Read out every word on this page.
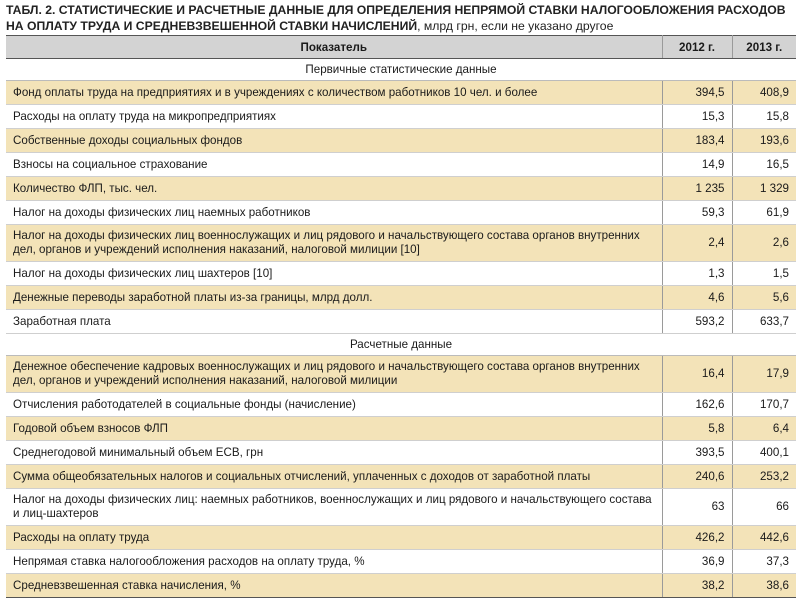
ТАБЛ. 2. СТАТИСТИЧЕСКИЕ И РАСЧЕТНЫЕ ДАННЫЕ ДЛЯ ОПРЕДЕЛЕНИЯ НЕПРЯМОЙ СТАВКИ НАЛОГООБЛОЖЕНИЯ РАСХОДОВ НА ОПЛАТУ ТРУДА И СРЕДНЕВЗВЕШЕННОЙ СТАВКИ НАЧИСЛЕНИЙ, млрд грн, если не указано другое
Показатель	2012 г.	2013 г.
Первичные статистические данные		
Фонд оплаты труда на предприятиях и в учреждениях с количеством работников 10 чел. и более	394,5	408,9
Расходы на оплату труда на микропредприятиях	15,3	15,8
Собственные доходы социальных фондов	183,4	193,6
Взносы на социальное страхование	14,9	16,5
Количество ФЛП, тыс. чел.	1 235	1 329
Налог на доходы физических лиц наемных работников	59,3	61,9
Налог на доходы физических лиц военнослужащих и лиц рядового и начальствующего состава органов внутренних дел, органов и учреждений исполнения наказаний, налоговой милиции [10]	2,4	2,6
Налог на доходы физических лиц шахтеров [10]	1,3	1,5
Денежные переводы заработной платы из-за границы, млрд долл.	4,6	5,6
Заработная плата	593,2	633,7
Расчетные данные		
Денежное обеспечение кадровых военнослужащих и лиц рядового и начальствующего состава органов внутренних дел, органов и учреждений исполнения наказаний, налоговой милиции	16,4	17,9
Отчисления работодателей в социальные фонды (начисление)	162,6	170,7
Годовой объем взносов ФЛП	5,8	6,4
Среднегодовой минимальный объем ЕСВ, грн	393,5	400,1
Сумма общеобязательных налогов и социальных отчислений, уплаченных с доходов от заработной платы	240,6	253,2
Налог на доходы физических лиц: наемных работников, военнослужащих и лиц рядового и начальствующего состава и лиц-шахтеров	63	66
Расходы на оплату труда	426,2	442,6
Непрямая ставка налогообложения расходов на оплату труда, %	36,9	37,3
Средневзвешенная ставка начисления, %	38,2	38,6
